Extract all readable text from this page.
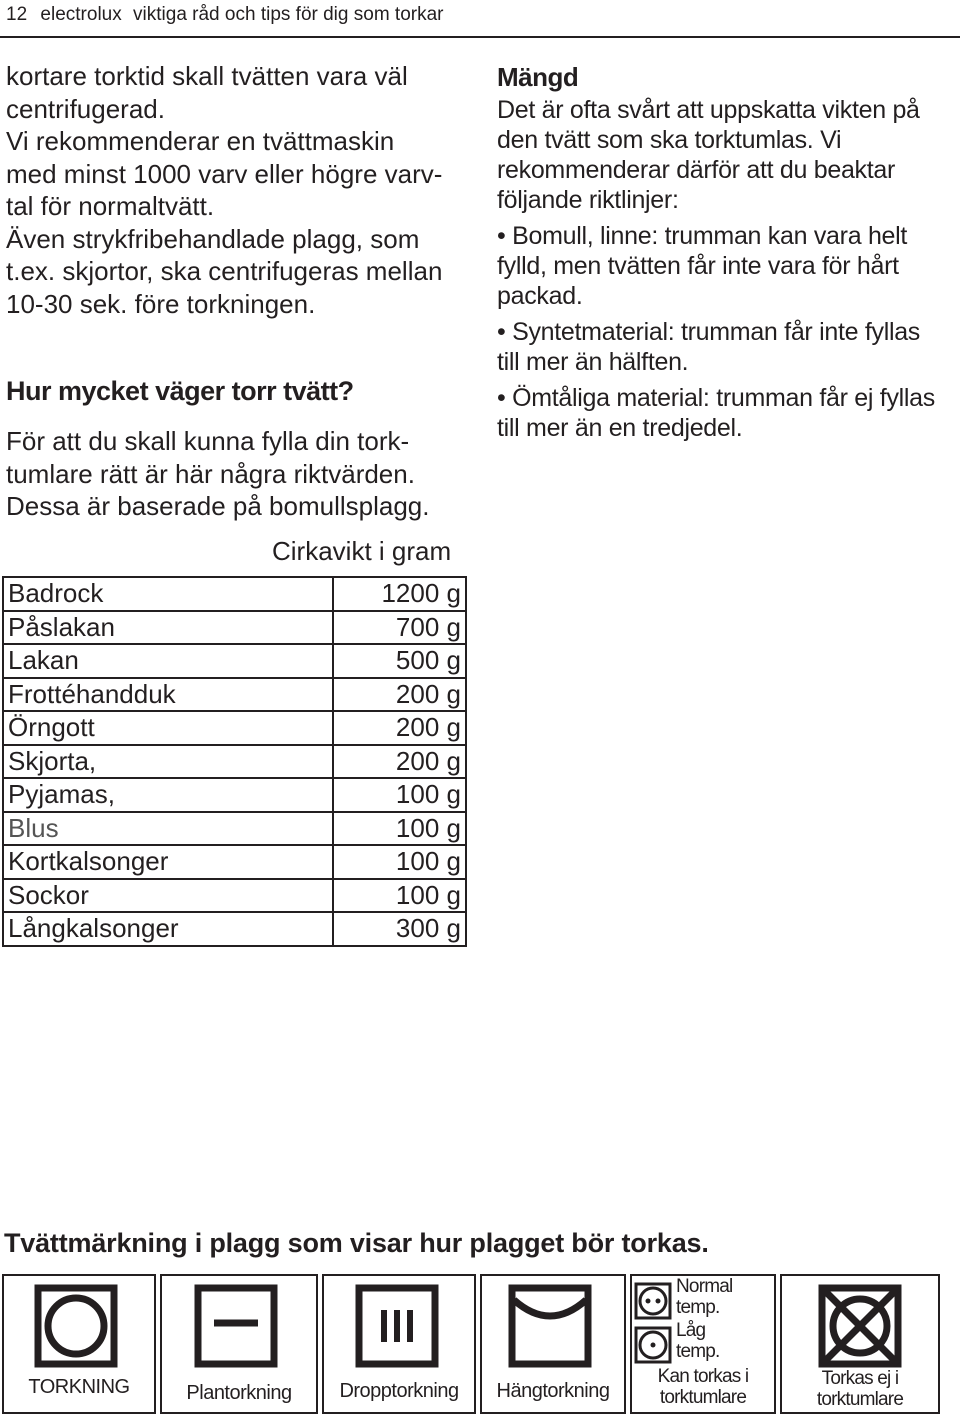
12 electrolux viktiga råd och tips för dig som torkar

kortare torktid skall tvätten vara väl
centrifugerad.
Vi rekommenderar en tvättmaskin
med minst 1000 varv eller högre varv-
tal för normaltvätt.
Även strykfribehandlade plagg, som
t.ex. skjortor, ska centrifugeras mellan
10-30 sek. före torkningen.

Hur mycket väger torr tvätt?

För att du skall kunna fylla din tork-
tumlare rätt är här några riktvärden.
Dessa är baserade på bomullsplagg.

Mängd

Det är ofta svårt att uppskatta vikten på
den tvätt som ska torktumlas. Vi
rekommenderar därför att du beaktar
följande riktlinjer:

• Bomull, linne: trumman kan vara helt
fylld, men tvätten får inte vara för hårt
packad.
• Syntetmaterial: trumman får inte fyllas
till mer än hälften.
• Ömtåliga material: trumman får ej fyllas
till mer än en tredjedel.
Cirkavikt i gram
Badrock	1200 g
Påslakan	700 g
Lakan	500 g
Frottéhandduk	200 g
Örngott	200 g
Skjorta,	200 g
Pyjamas,	100 g
Blus	100 g
Kortkalsonger	100 g
Sockor	100 g
Långkalsonger	300 g
Tvättmärkning i plagg som visar hur plagget bör torkas.
TORKNING	Plantorkning	Dropptorkning	Hängtorkning
Normal
temp.
Låg
temp.
Kan torkas i
torktumlare
Torkas ej i
torktumlare
